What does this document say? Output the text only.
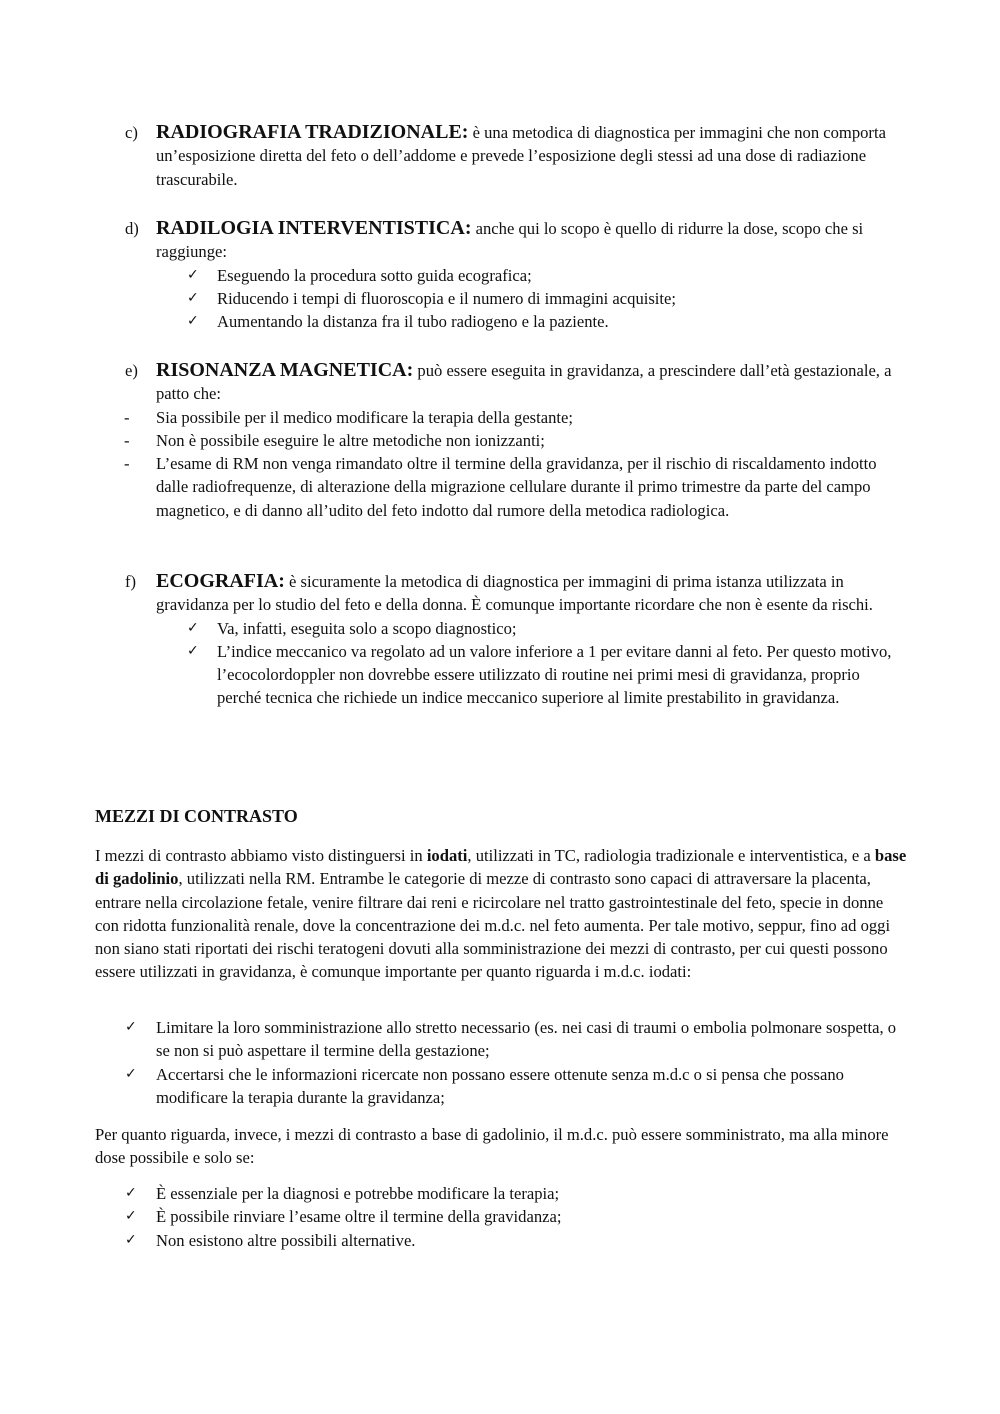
c) RADIOGRAFIA TRADIZIONALE: è una metodica di diagnostica per immagini che non comporta un’esposizione diretta del feto o dell’addome e prevede l’esposizione degli stessi ad una dose di radiazione trascurabile.
d) RADILOGIA INTERVENTISTICA: anche qui lo scopo è quello di ridurre la dose, scopo che si raggiunge:
✓ Eseguendo la procedura sotto guida ecografica;
✓ Riducendo i tempi di fluoroscopia e il numero di immagini acquisite;
✓ Aumentando la distanza fra il tubo radiogeno e la paziente.
e) RISONANZA MAGNETICA: può essere eseguita in gravidanza, a prescindere dall’età gestazionale, a patto che:
- Sia possibile per il medico modificare la terapia della gestante;
- Non è possibile eseguire le altre metodiche non ionizzanti;
- L’esame di RM non venga rimandato oltre il termine della gravidanza, per il rischio di riscaldamento indotto dalle radiofrequenze, di alterazione della migrazione cellulare durante il primo trimestre da parte del campo magnetico, e di danno all’udito del feto indotto dal rumore della metodica radiologica.
f) ECOGRAFIA: è sicuramente la metodica di diagnostica per immagini di prima istanza utilizzata in gravidanza per lo studio del feto e della donna. È comunque importante ricordare che non è esente da rischi.
✓ Va, infatti, eseguita solo a scopo diagnostico;
✓ L’indice meccanico va regolato ad un valore inferiore a 1 per evitare danni al feto. Per questo motivo, l’ecocolordoppler non dovrebbe essere utilizzato di routine nei primi mesi di gravidanza, proprio perché tecnica che richiede un indice meccanico superiore al limite prestabilito in gravidanza.
MEZZI DI CONTRASTO

I mezzi di contrasto abbiamo visto distinguersi in iodati, utilizzati in TC, radiologia tradizionale e interventistica, e a base di gadolinio, utilizzati nella RM. Entrambe le categorie di mezze di contrasto sono capaci di attraversare la placenta, entrare nella circolazione fetale, venire filtrare dai reni e ricircolare nel tratto gastrointestinale del feto, specie in donne con ridotta funzionalità renale, dove la concentrazione dei m.d.c. nel feto aumenta. Per tale motivo, seppur, fino ad oggi non siano stati riportati dei rischi teratogeni dovuti alla somministrazione dei mezzi di contrasto, per cui questi possono essere utilizzati in gravidanza, è comunque importante per quanto riguarda i m.d.c. iodati:

✓ Limitare la loro somministrazione allo stretto necessario (es. nei casi di traumi o embolia polmonare sospetta, o se non si può aspettare il termine della gestazione;
✓ Accertarsi che le informazioni ricercate non possano essere ottenute senza m.d.c o si pensa che possano modificare la terapia durante la gravidanza;

Per quanto riguarda, invece, i mezzi di contrasto a base di gadolinio, il m.d.c. può essere somministrato, ma alla minore dose possibile e solo se:

✓ È essenziale per la diagnosi e potrebbe modificare la terapia;
✓ È possibile rinviare l’esame oltre il termine della gravidanza;
✓ Non esistono altre possibili alternative.
